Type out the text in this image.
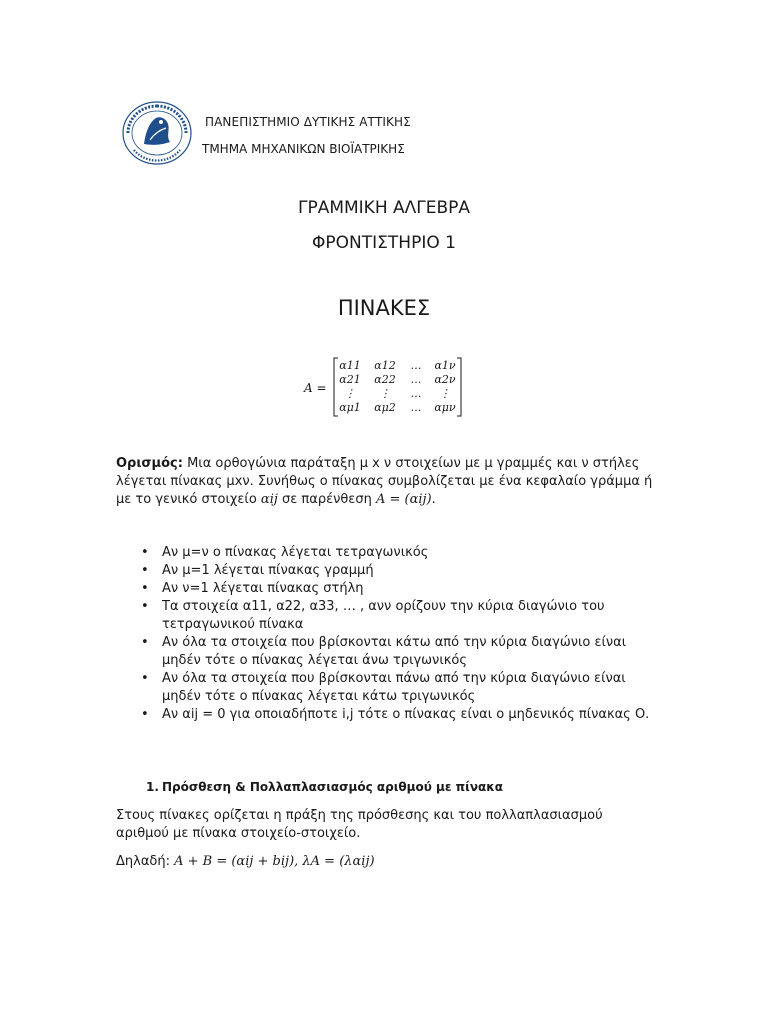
ΠΑΝΕΠΙΣΤΗΜΙΟ ΔΥΤΙΚΗΣ ΑΤΤΙΚΗΣ
ΤΜΗΜΑ ΜΗΧΑΝΙΚΩΝ ΒΙΟΪΑΤΡΙΚΗΣ
ΓΡΑΜΜΙΚΗ ΑΛΓΕΒΡΑ
ΦΡΟΝΤΙΣΤΗΡΙΟ 1
ΠΙΝΑΚΕΣ
A =
α11 α12 … α1ν
α21 α22 … α2ν
⋮ ⋮ … ⋮
αμ1 αμ2 … αμν
Ορισμός: Μια ορθογώνια παράταξη μ x ν στοιχείων με μ γραμμές και ν στήλες λέγεται πίνακας μxν. Συνήθως ο πίνακας συμβολίζεται με ένα κεφαλαίο γράμμα ή με το γενικό στοιχείο αij σε παρένθεση A = (αij).
• Αν μ=ν ο πίνακας λέγεται τετραγωνικός
• Αν μ=1 λέγεται πίνακας γραμμή
• Αν ν=1 λέγεται πίνακας στήλη
• Τα στοιχεία α11, α22, α33, … , ανν ορίζουν την κύρια διαγώνιο του τετραγωνικού πίνακα
• Αν όλα τα στοιχεία που βρίσκονται κάτω από την κύρια διαγώνιο είναι μηδέν τότε ο πίνακας λέγεται άνω τριγωνικός
• Αν όλα τα στοιχεία που βρίσκονται πάνω από την κύρια διαγώνιο είναι μηδέν τότε ο πίνακας λέγεται κάτω τριγωνικός
• Αν αij = 0 για οποιαδήποτε i,j τότε ο πίνακας είναι ο μηδενικός πίνακας Ο.
1. Πρόσθεση & Πολλαπλασιασμός αριθμού με πίνακα
Στους πίνακες ορίζεται η πράξη της πρόσθεσης και του πολλαπλασιασμού αριθμού με πίνακα στοιχείο-στοιχείο.
Δηλαδή: A + B = (αij + bij), λA = (λαij)
